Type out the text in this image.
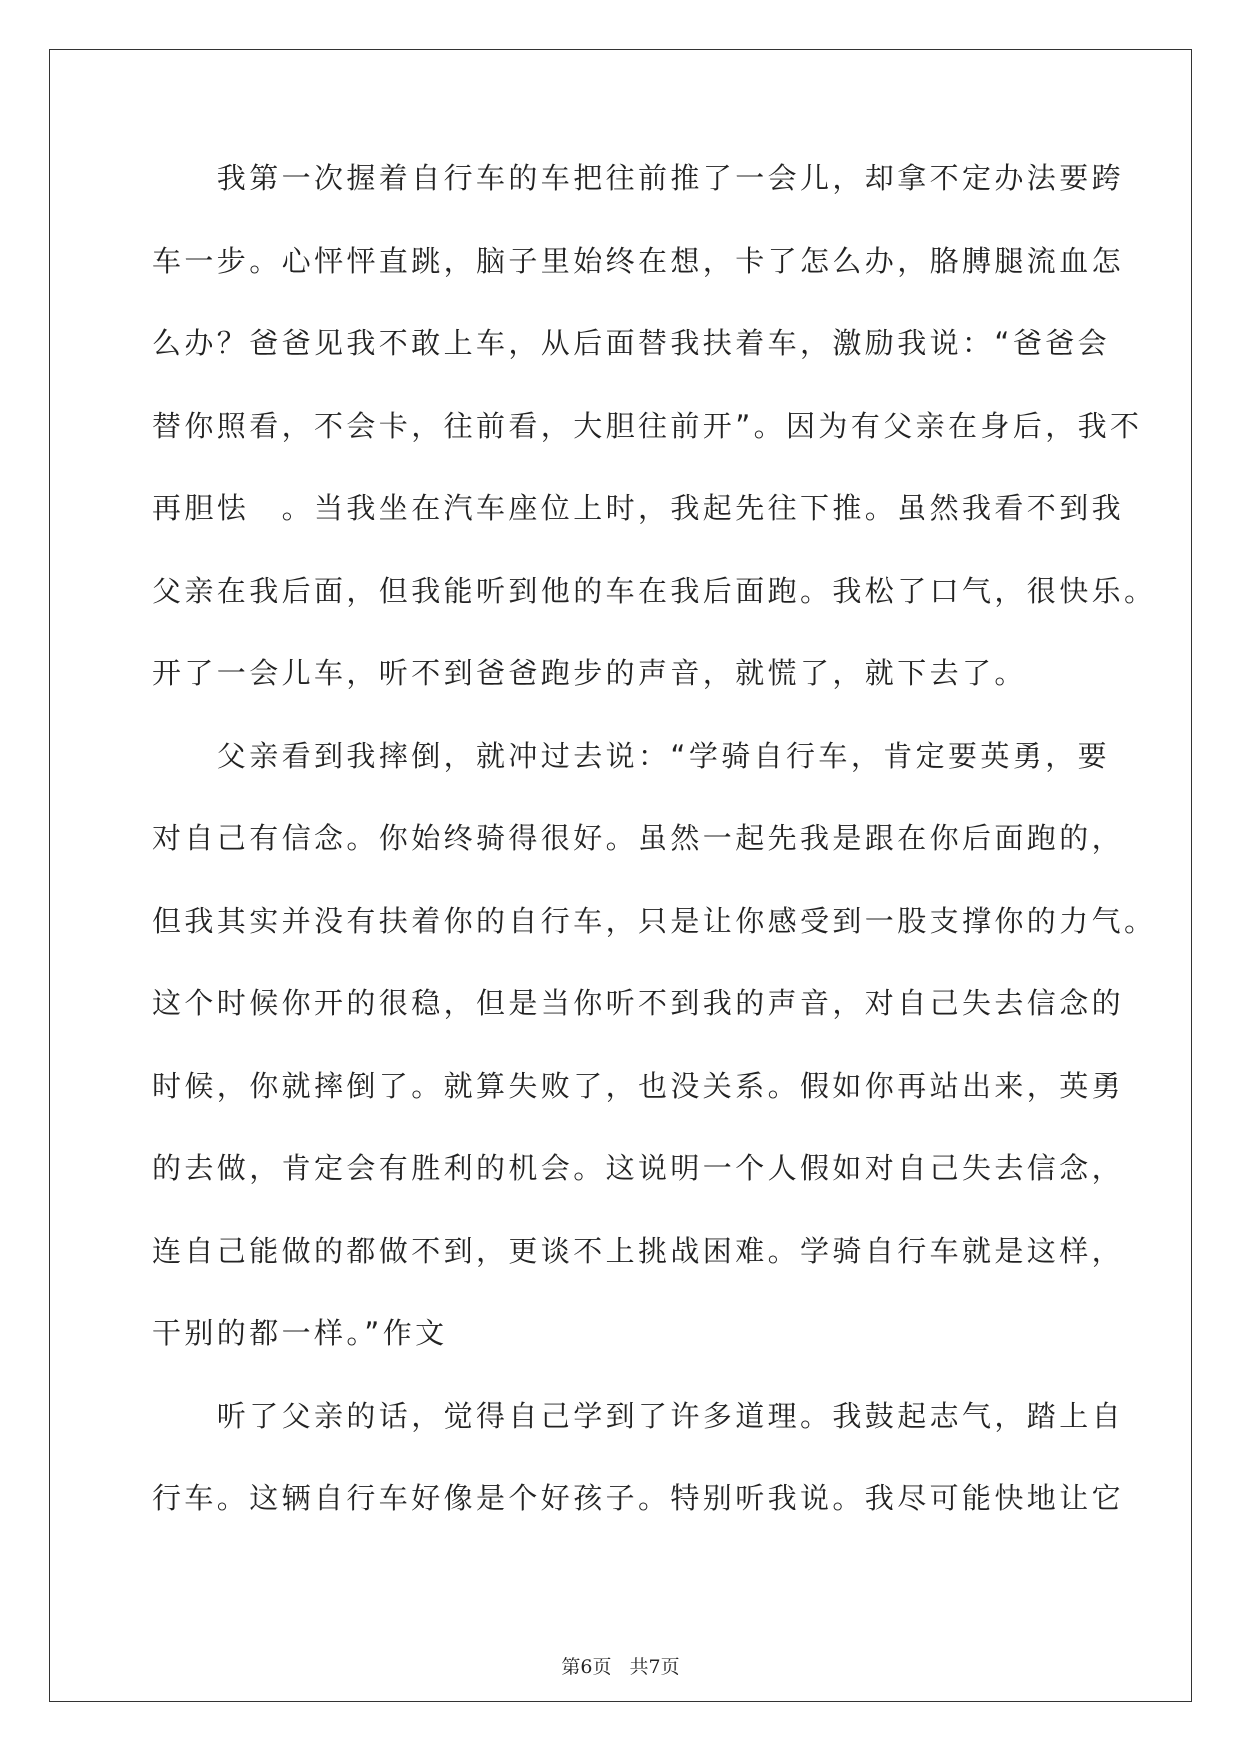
　　我第一次握着自行车的车把往前推了一会儿，却拿不定办法要跨
车一步。心怦怦直跳，脑子里始终在想，卡了怎么办，胳膊腿流血怎
么办？爸爸见我不敢上车，从后面替我扶着车，激励我说：“爸爸会
替你照看，不会卡，往前看，大胆往前开”。因为有父亲在身后，我不
再胆怯　。当我坐在汽车座位上时，我起先往下推。虽然我看不到我
父亲在我后面，但我能听到他的车在我后面跑。我松了口气，很快乐。
开了一会儿车，听不到爸爸跑步的声音，就慌了，就下去了。
　　父亲看到我摔倒，就冲过去说：“学骑自行车，肯定要英勇，要
对自己有信念。你始终骑得很好。虽然一起先我是跟在你后面跑的，
但我其实并没有扶着你的自行车，只是让你感受到一股支撑你的力气。
这个时候你开的很稳，但是当你听不到我的声音，对自己失去信念的
时候，你就摔倒了。就算失败了，也没关系。假如你再站出来，英勇
的去做，肯定会有胜利的机会。这说明一个人假如对自己失去信念，
连自己能做的都做不到，更谈不上挑战困难。学骑自行车就是这样，
干别的都一样。”作文
　　听了父亲的话，觉得自己学到了许多道理。我鼓起志气，踏上自
行车。这辆自行车好像是个好孩子。特别听我说。我尽可能快地让它
第6页 共7页
